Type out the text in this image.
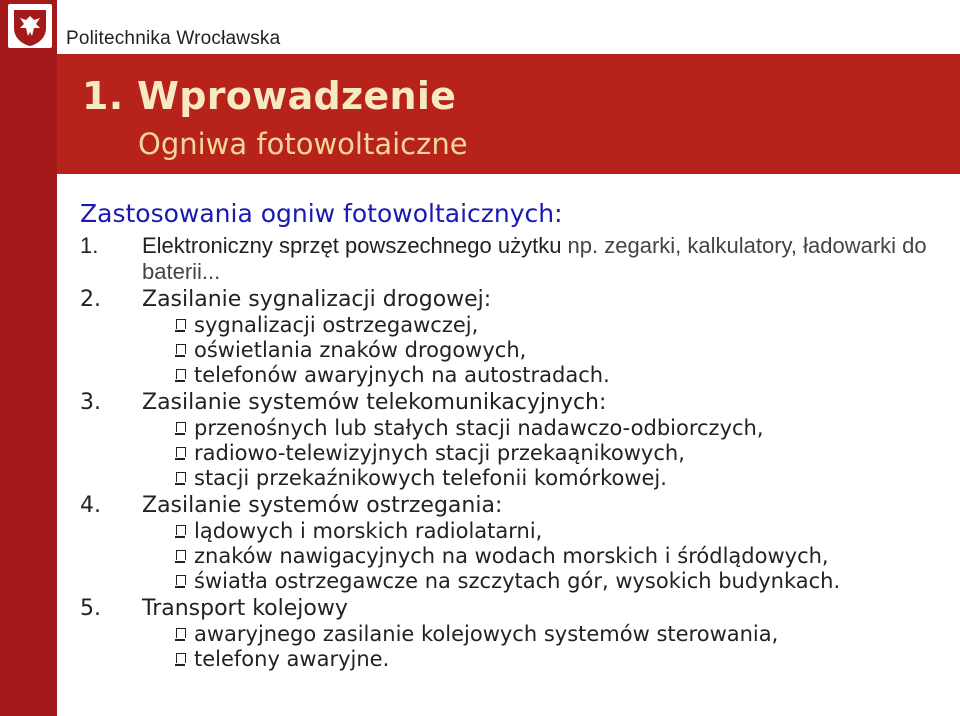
Politechnika Wrocławska
1. Wprowadzenie
Ogniwa fotowoltaiczne
Zastosowania ogniw fotowoltaicznych:
1. Elektroniczny sprzęt powszechnego użytku np. zegarki, kalkulatory, ładowarki do baterii...
2. Zasilanie sygnalizacji drogowej:
sygnalizacji ostrzegawczej,
oświetlania znaków drogowych,
telefonów awaryjnych na autostradach.
3. Zasilanie systemów telekomunikacyjnych:
przenośnych lub stałych stacji nadawczo-odbiorczych,
radiowo-telewizyjnych stacji przekaąnikowych,
stacji przekaźnikowych telefonii komórkowej.
4. Zasilanie systemów ostrzegania:
lądowych i morskich radiolatarni,
znaków nawigacyjnych na wodach morskich i śródlądowych,
światła ostrzegawcze na szczytach gór, wysokich budynkach.
5. Transport kolejowy
awaryjnego zasilanie kolejowych systemów sterowania,
telefony awaryjne.
